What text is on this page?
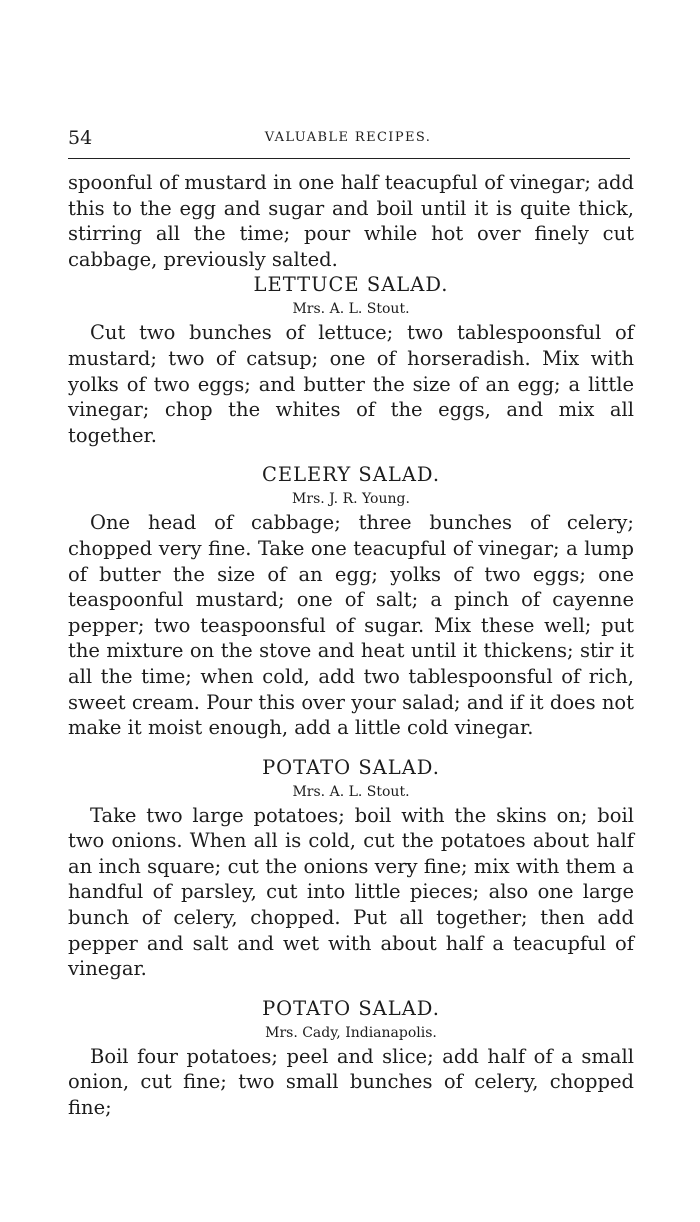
54	VALUABLE RECIPES.

spoonful of mustard in one half teacupful of vinegar; add this to the egg and sugar and boil until it is quite thick, stirring all the time; pour while hot over finely cut cabbage, previously salted.

LETTUCE SALAD.

Mrs. A. L. Stout.

Cut two bunches of lettuce; two tablespoonsful of mustard; two of catsup; one of horseradish. Mix with yolks of two eggs; and butter the size of an egg; a little vinegar; chop the whites of the eggs, and mix all together.

CELERY SALAD.

Mrs. J. R. Young.

One head of cabbage; three bunches of celery; chopped very fine. Take one teacupful of vinegar; a lump of butter the size of an egg; yolks of two eggs; one teaspoonful mustard; one of salt; a pinch of cayenne pepper; two teaspoonsful of sugar. Mix these well; put the mixture on the stove and heat until it thickens; stir it all the time; when cold, add two tablespoonsful of rich, sweet cream. Pour this over your salad; and if it does not make it moist enough, add a little cold vinegar.

POTATO SALAD.

Mrs. A. L. Stout.

Take two large potatoes; boil with the skins on; boil two onions. When all is cold, cut the potatoes about half an inch square; cut the onions very fine; mix with them a handful of parsley, cut into little pieces; also one large bunch of celery, chopped. Put all together; then add pepper and salt and wet with about half a teacupful of vinegar.

POTATO SALAD.

Mrs. Cady, Indianapolis.

Boil four potatoes; peel and slice; add half of a small onion, cut fine; two small bunches of celery, chopped fine;
